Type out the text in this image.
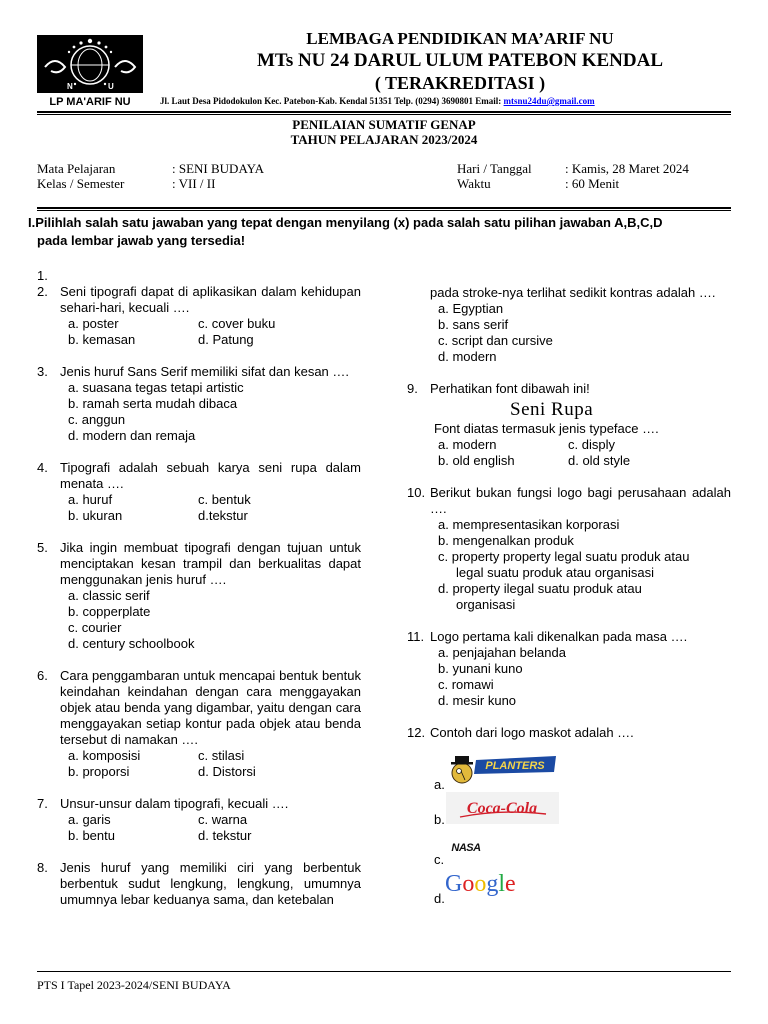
N	U
LP MA'ARIF NU
LEMBAGA PENDIDIKAN MA’ARIF NU
MTs NU 24 DARUL ULUM PATEBON KENDAL
( TERAKREDITASI )
Jl. Laut Desa Pidodokulon Kec. Patebon-Kab. Kendal 51351 Telp. (0294) 3690801 Email: mtsnu24du@gmail.com
PENILAIAN SUMATIF GENAP
TAHUN PELAJARAN 2023/2024
Mata Pelajaran	: SENI BUDAYA
Kelas / Semester	: VII / II
Hari / Tanggal	: Kamis, 28 Maret 2024
Waktu	: 60 Menit
I.Pilihlah salah satu jawaban yang tepat dengan menyilang (x) pada salah satu pilihan jawaban A,B,C,D
pada lembar jawab yang tersedia!
1.
2. Seni tipografi dapat di aplikasikan dalam kehidupan sehari-hari, kecuali ….
a. poster	c. cover buku
b. kemasan	d. Patung
3. Jenis huruf Sans Serif memiliki sifat dan kesan ….
a. suasana tegas tetapi artistic
b. ramah serta mudah dibaca
c. anggun
d. modern dan remaja
4. Tipografi adalah sebuah karya seni rupa dalam menata ….
a. huruf	c. bentuk
b. ukuran	d.tekstur
5. Jika ingin membuat tipografi dengan tujuan untuk menciptakan kesan trampil dan berkualitas dapat menggunakan jenis huruf ….
a. classic serif
b. copperplate
c. courier
d. century schoolbook
6. Cara penggambaran untuk mencapai bentuk bentuk keindahan keindahan dengan cara menggayakan objek atau benda yang digambar, yaitu dengan cara menggayakan setiap kontur pada objek atau benda tersebut di namakan ….
a. komposisi	c. stilasi
b. proporsi	d. Distorsi
7. Unsur-unsur dalam tipografi, kecuali ….
a. garis	c. warna
b. bentu	d. tekstur
8. Jenis huruf yang memiliki ciri yang berbentuk berbentuk sudut lengkung, lengkung, umumnya umumnya lebar keduanya sama, dan ketebalan
pada stroke-nya terlihat sedikit kontras adalah ….
a. Egyptian
b. sans serif
c. script dan cursive
d. modern
9. Perhatikan font dibawah ini!
Seni Rupa
Font diatas termasuk jenis typeface ….
a. modern	c. disply
b. old english	d. old style
10. Berikut bukan fungsi logo bagi perusahaan adalah ….
a. mempresentasikan korporasi
b. mengenalkan produk
c. property property legal suatu produk atau
legal suatu produk atau organisasi
d. property ilegal suatu produk atau
organisasi
11. Logo pertama kali dikenalkan pada masa ….
a. penjajahan belanda
b. yunani kuno
c. romawi
d. mesir kuno
12. Contoh dari logo maskot adalah ….
a.
PLANTERS
b.
Coca-Cola
c.
NASA
d.
Google
PTS I Tapel 2023-2024/SENI BUDAYA
